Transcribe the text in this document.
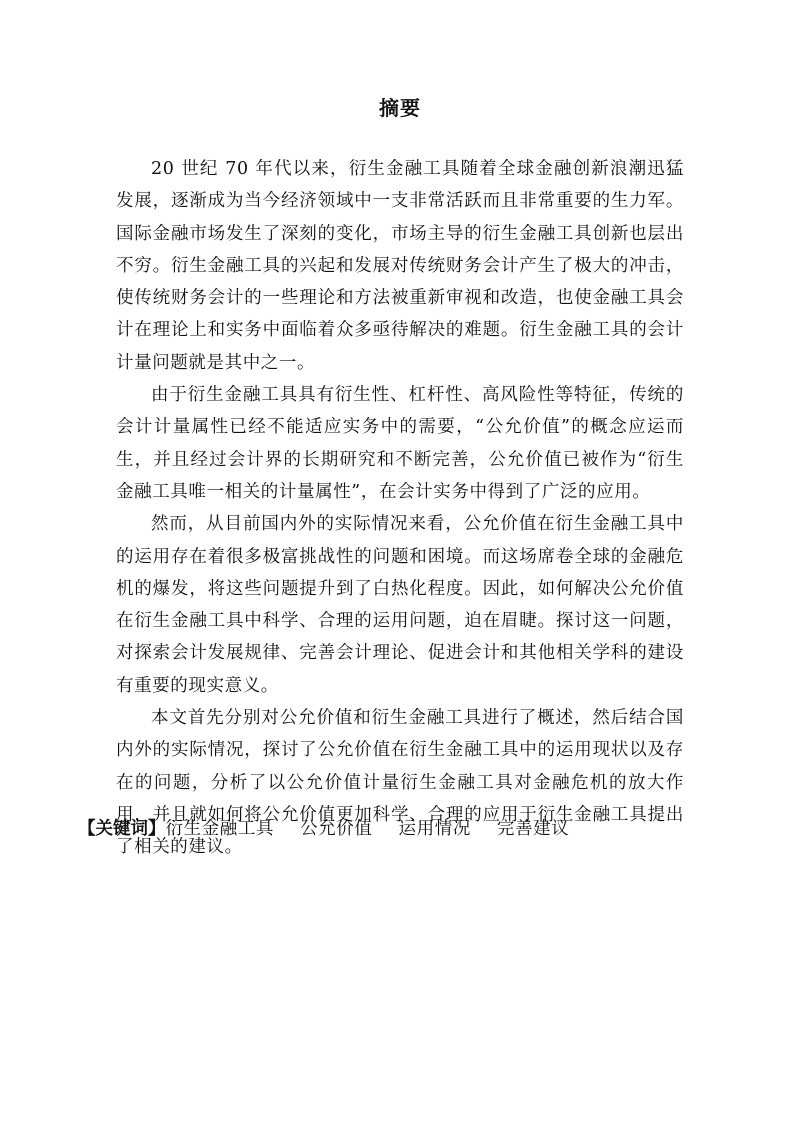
摘要

20 世纪 70 年代以来，衍生金融工具随着全球金融创新浪潮迅猛发展，逐渐成为当今经济领域中一支非常活跃而且非常重要的生力军。国际金融市场发生了深刻的变化，市场主导的衍生金融工具创新也层出不穷。衍生金融工具的兴起和发展对传统财务会计产生了极大的冲击，使传统财务会计的一些理论和方法被重新审视和改造，也使金融工具会计在理论上和实务中面临着众多亟待解决的难题。衍生金融工具的会计计量问题就是其中之一。

由于衍生金融工具具有衍生性、杠杆性、高风险性等特征，传统的会计计量属性已经不能适应实务中的需要，“公允价值”的概念应运而生，并且经过会计界的长期研究和不断完善，公允价值已被作为“衍生金融工具唯一相关的计量属性”，在会计实务中得到了广泛的应用。

然而，从目前国内外的实际情况来看，公允价值在衍生金融工具中的运用存在着很多极富挑战性的问题和困境。而这场席卷全球的金融危机的爆发，将这些问题提升到了白热化程度。因此，如何解决公允价值在衍生金融工具中科学、合理的运用问题，迫在眉睫。探讨这一问题，对探索会计发展规律、完善会计理论、促进会计和其他相关学科的建设有重要的现实意义。

本文首先分别对公允价值和衍生金融工具进行了概述，然后结合国内外的实际情况，探讨了公允价值在衍生金融工具中的运用现状以及存在的问题，分析了以公允价值计量衍生金融工具对金融危机的放大作用，并且就如何将公允价值更加科学、合理的应用于衍生金融工具提出了相关的建议。

【关键词】衍生金融工具 公允价值 运用情况 完善建议
